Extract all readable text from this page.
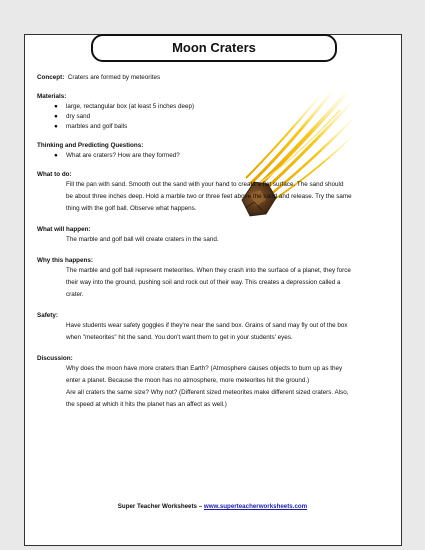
Moon Craters

Concept: Craters are formed by meteorites

Materials:

● large, rectangular box (at least 5 inches deep)
● dry sand
● marbles and golf balls

Thinking and Predicting Questions:

● What are craters? How are they formed?

What to do:

Fill the pan with sand. Smooth out the sand with your hand to create a flat surface. The sand should

be about three inches deep. Hold a marble two or three feet above the sand and release. Try the same

thing with the golf ball. Observe what happens.

What will happen:

The marble and golf ball will create craters in the sand.

Why this happens:

The marble and golf ball represent meteorites. When they crash into the surface of a planet, they force

their way into the ground, pushing soil and rock out of their way. This creates a depression called a

crater.

Safety:

Have students wear safety goggles if they're near the sand box. Grains of sand may fly out of the box

when "meteorites" hit the sand. You don't want them to get in your students' eyes.

Discussion:

Why does the moon have more craters than Earth? (Atmosphere causes objects to burn up as they

enter a planet. Because the moon has no atmosphere, more meteorites hit the ground.)

Are all craters the same size? Why not? (Different sized meteorites make different sized craters. Also,

the speed at which it hits the planet has an affect as well.)

Super Teacher Worksheets – www.superteacherworksheets.com
